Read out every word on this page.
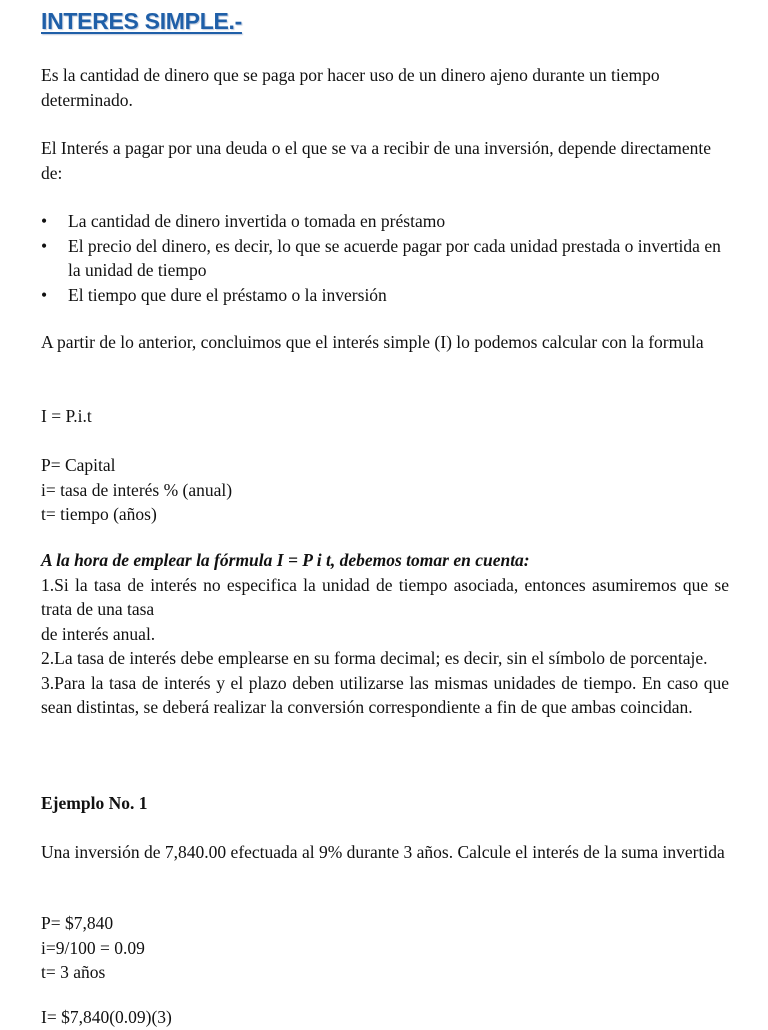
INTERES SIMPLE.-
Es la cantidad de dinero que se paga por hacer uso de un dinero ajeno durante un tiempo determinado.
El Interés a pagar por una deuda o el que se va a recibir de una inversión, depende directamente de:
• La cantidad de dinero invertida o tomada en préstamo
• El precio del dinero, es decir, lo que se acuerde pagar por cada unidad prestada o invertida en la unidad de tiempo
• El tiempo que dure el préstamo o la inversión
A partir de lo anterior, concluimos que el interés simple (I) lo podemos calcular con la formula
I = P.i.t
P= Capital
i= tasa de interés % (anual)
t= tiempo (años)
A la hora de emplear la fórmula I = P i t, debemos tomar en cuenta:
1.Si la tasa de interés no especifica la unidad de tiempo asociada, entonces asumiremos que se trata de una tasa
de interés anual.
2.La tasa de interés debe emplearse en su forma decimal; es decir, sin el símbolo de porcentaje.
3.Para la tasa de interés y el plazo deben utilizarse las mismas unidades de tiempo. En caso que sean distintas, se deberá realizar la conversión correspondiente a fin de que ambas coincidan.
Ejemplo No. 1
Una inversión de 7,840.00 efectuada al 9% durante 3 años. Calcule el interés de la suma invertida
P= $7,840
i=9/100 = 0.09
t= 3 años
I= $7,840(0.09)(3)
